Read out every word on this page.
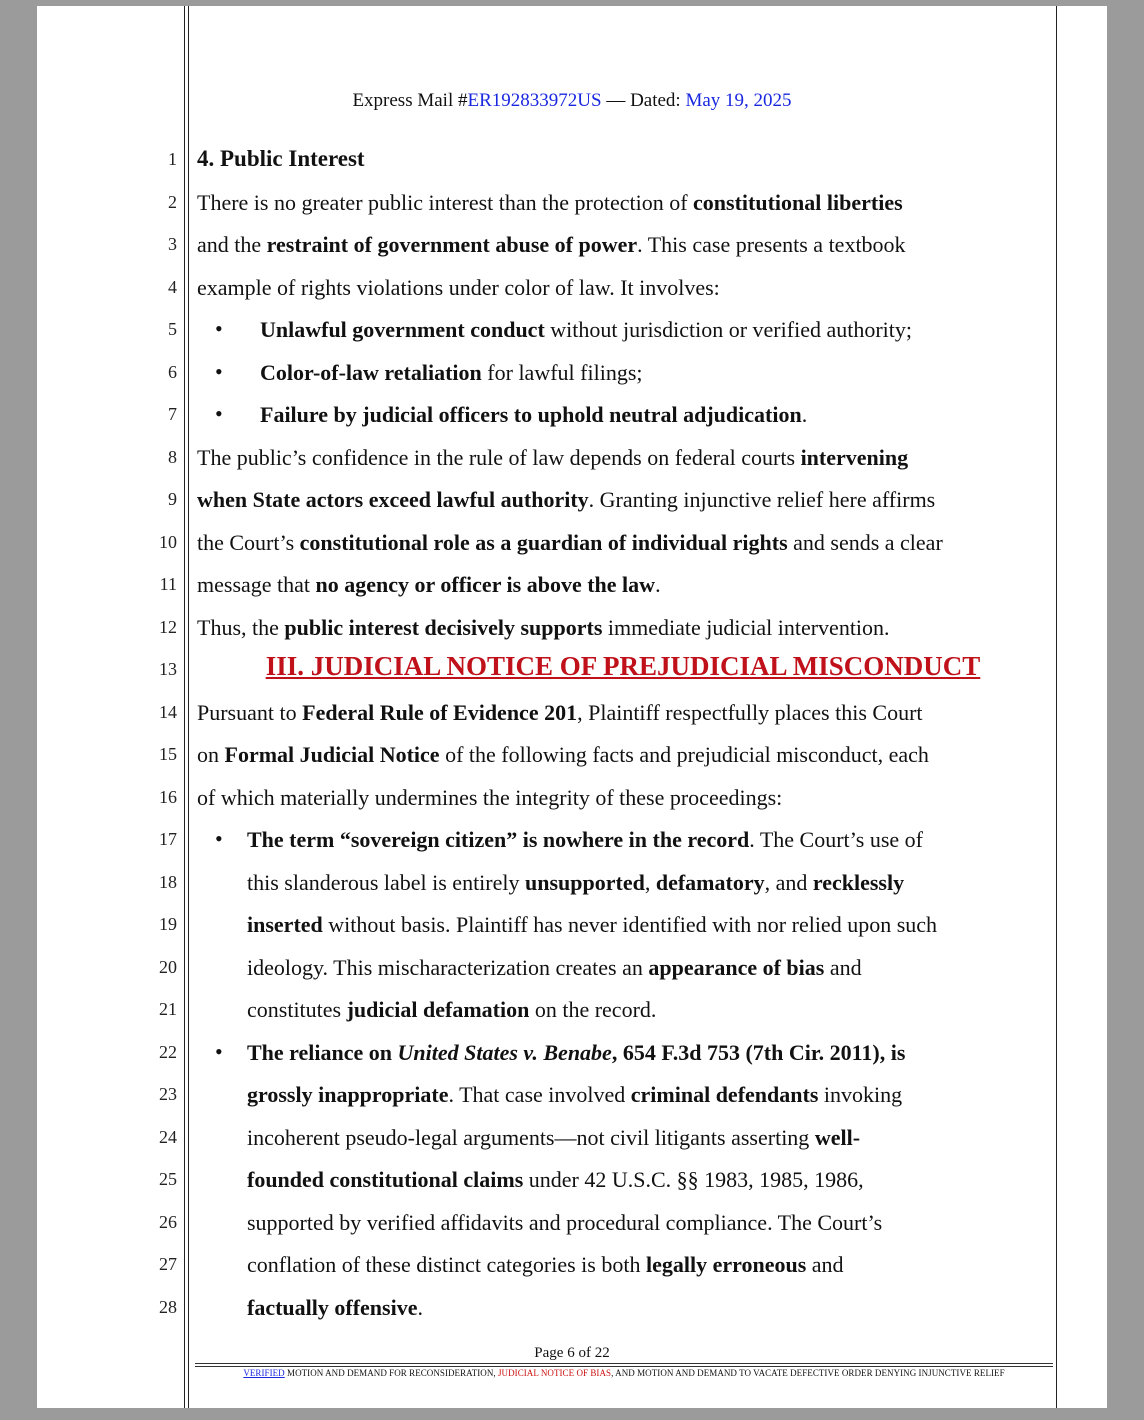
Express Mail #ER192833972US — Dated: May 19, 2025
1
2
3
4
5
6
7
8
9
10
11
12
13
14
15
16
17
18
19
20
21
22
23
24
25
26
27
28
4. Public Interest
There is no greater public interest than the protection of constitutional liberties
and the restraint of government abuse of power. This case presents a textbook
example of rights violations under color of law. It involves:
• Unlawful government conduct without jurisdiction or verified authority;
• Color-of-law retaliation for lawful filings;
• Failure by judicial officers to uphold neutral adjudication.
The public’s confidence in the rule of law depends on federal courts intervening
when State actors exceed lawful authority. Granting injunctive relief here affirms
the Court’s constitutional role as a guardian of individual rights and sends a clear
message that no agency or officer is above the law.
Thus, the public interest decisively supports immediate judicial intervention.
III. JUDICIAL NOTICE OF PREJUDICIAL MISCONDUCT
Pursuant to Federal Rule of Evidence 201, Plaintiff respectfully places this Court
on Formal Judicial Notice of the following facts and prejudicial misconduct, each
of which materially undermines the integrity of these proceedings:
• The term “sovereign citizen” is nowhere in the record. The Court’s use of
this slanderous label is entirely unsupported, defamatory, and recklessly
inserted without basis. Plaintiff has never identified with nor relied upon such
ideology. This mischaracterization creates an appearance of bias and
constitutes judicial defamation on the record.
• The reliance on United States v. Benabe, 654 F.3d 753 (7th Cir. 2011), is
grossly inappropriate. That case involved criminal defendants invoking
incoherent pseudo-legal arguments—not civil litigants asserting well-
founded constitutional claims under 42 U.S.C. §§ 1983, 1985, 1986,
supported by verified affidavits and procedural compliance. The Court’s
conflation of these distinct categories is both legally erroneous and
factually offensive.
Page 6 of 22
VERIFIED MOTION AND DEMAND FOR RECONSIDERATION, JUDICIAL NOTICE OF BIAS, AND MOTION AND DEMAND TO VACATE DEFECTIVE ORDER DENYING INJUNCTIVE RELIEF
